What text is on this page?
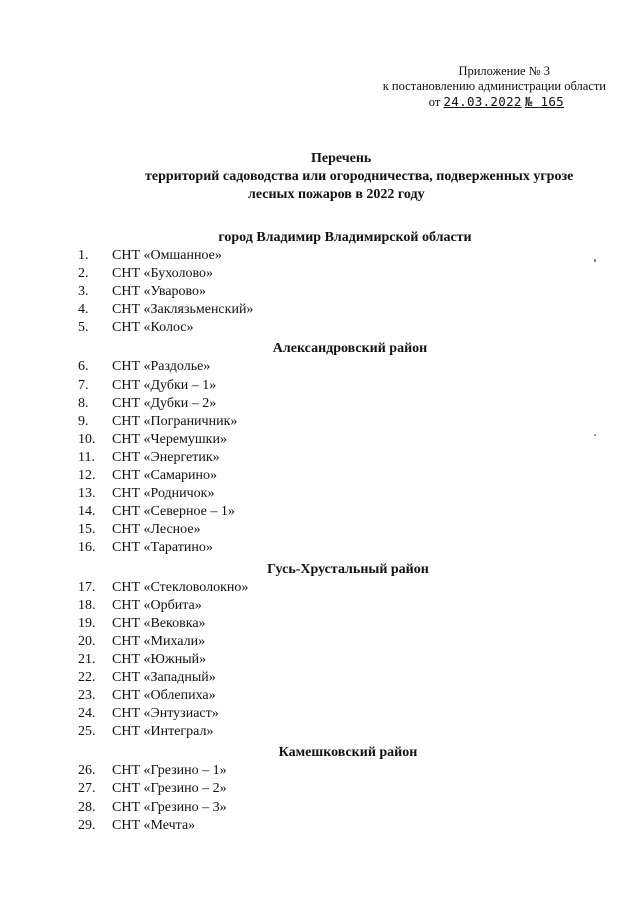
Приложение № 3
к постановлению администрации области
от 24.03.2022 № 165
Перечень
территорий садоводства или огородничества, подверженных угрозе
лесных пожаров в 2022 году
город Владимир Владимирской области
1. СНТ «Омшанное»
2. СНТ «Бухолово»
3. СНТ «Уварово»
4. СНТ «Заклязьменский»
5. СНТ «Колос»
Александровский район
6. СНТ «Раздолье»
7. СНТ «Дубки – 1»
8. СНТ «Дубки – 2»
9. СНТ «Пограничник»
10. СНТ «Черемушки»
11. СНТ «Энергетик»
12. СНТ «Самарино»
13. СНТ «Родничок»
14. СНТ «Северное – 1»
15. СНТ «Лесное»
16. СНТ «Таратино»
Гусь-Хрустальный район
17. СНТ «Стекловолокно»
18. СНТ «Орбита»
19. СНТ «Вековка»
20. СНТ «Михали»
21. СНТ «Южный»
22. СНТ «Западный»
23. СНТ «Облепиха»
24. СНТ «Энтузиаст»
25. СНТ «Интеграл»
Камешковский район
26. СНТ «Грезино – 1»
27. СНТ «Грезино – 2»
28. СНТ «Грезино – 3»
29. СНТ «Мечта»
